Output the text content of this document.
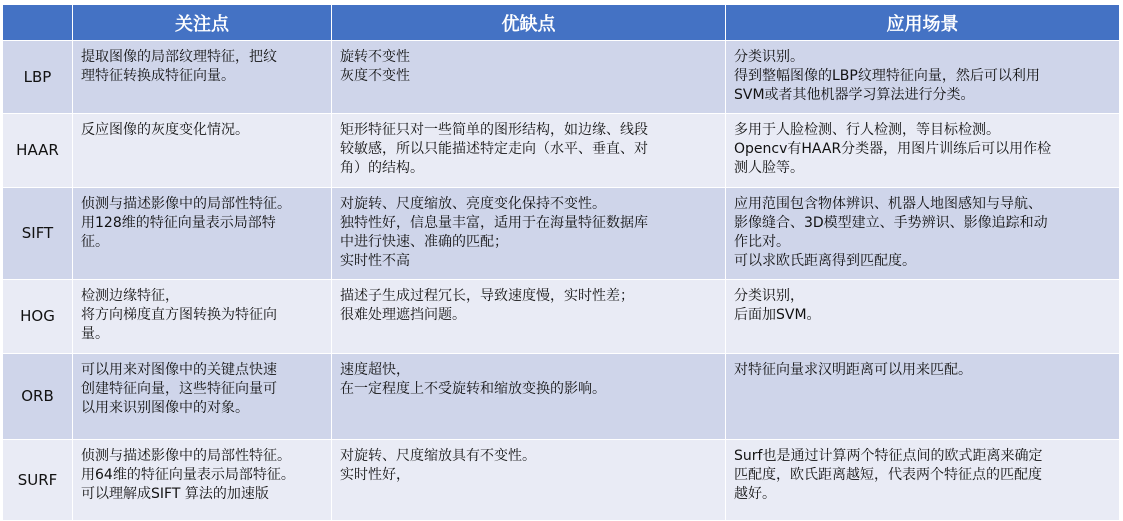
	关注点	优缺点	应用场景
LBP	提取图像的局部纹理特征，把纹
理特征转换成特征向量。	旋转不变性
灰度不变性	分类识别。
得到整幅图像的LBP纹理特征向量，然后可以利用
SVM或者其他机器学习算法进行分类。
HAAR	反应图像的灰度变化情况。	矩形特征只对一些简单的图形结构，如边缘、线段
较敏感，所以只能描述特定走向（水平、垂直、对
角）的结构。	多用于人脸检测、行人检测，等目标检测。
Opencv有HAAR分类器，用图片训练后可以用作检
测人脸等。
SIFT	侦测与描述影像中的局部性特征。
用128维的特征向量表示局部特
征。	对旋转、尺度缩放、亮度变化保持不变性。
独特性好，信息量丰富，适用于在海量特征数据库
中进行快速、准确的匹配；
实时性不高	应用范围包含物体辨识、机器人地图感知与导航、
影像缝合、3D模型建立、手势辨识、影像追踪和动
作比对。
可以求欧氏距离得到匹配度。
HOG	检测边缘特征，
将方向梯度直方图转换为特征向
量。	描述子生成过程冗长，导致速度慢，实时性差；
很难处理遮挡问题。	分类识别，
后面加SVM。
ORB	可以用来对图像中的关键点快速
创建特征向量，这些特征向量可
以用来识别图像中的对象。	速度超快，
在一定程度上不受旋转和缩放变换的影响。	对特征向量求汉明距离可以用来匹配。
SURF	侦测与描述影像中的局部性特征。
用64维的特征向量表示局部特征。
可以理解成SIFT 算法的加速版	对旋转、尺度缩放具有不变性。
实时性好，	Surf也是通过计算两个特征点间的欧式距离来确定
匹配度，欧氏距离越短，代表两个特征点的匹配度
越好。
